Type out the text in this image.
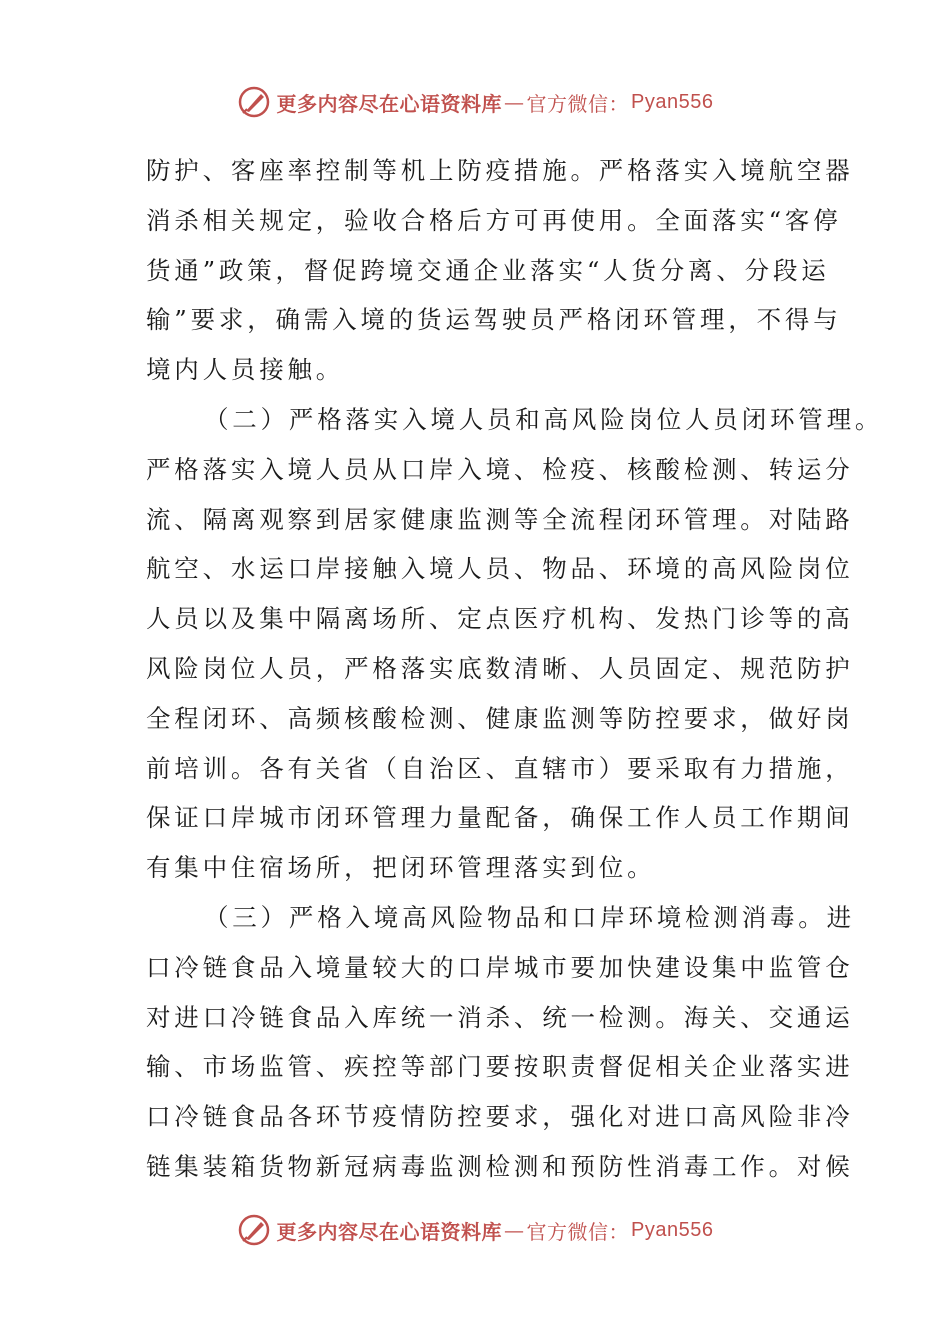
更多内容尽在心语资料库 — 官方微信： Pyan556
防护、客座率控制等机上防疫措施。严格落实入境航空器
消杀相关规定，验收合格后方可再使用。全面落实“客停
货通”政策，督促跨境交通企业落实“人货分离、分段运
输”要求，确需入境的货运驾驶员严格闭环管理，不得与
境内人员接触。
（二）严格落实入境人员和高风险岗位人员闭环管理。
严格落实入境人员从口岸入境、检疫、核酸检测、转运分
流、隔离观察到居家健康监测等全流程闭环管理。对陆路
航空、水运口岸接触入境人员、物品、环境的高风险岗位
人员以及集中隔离场所、定点医疗机构、发热门诊等的高
风险岗位人员，严格落实底数清晰、人员固定、规范防护
全程闭环、高频核酸检测、健康监测等防控要求，做好岗
前培训。各有关省（自治区、直辖市）要采取有力措施，
保证口岸城市闭环管理力量配备，确保工作人员工作期间
有集中住宿场所，把闭环管理落实到位。
（三）严格入境高风险物品和口岸环境检测消毒。进
口冷链食品入境量较大的口岸城市要加快建设集中监管仓
对进口冷链食品入库统一消杀、统一检测。海关、交通运
输、市场监管、疾控等部门要按职责督促相关企业落实进
口冷链食品各环节疫情防控要求，强化对进口高风险非冷
链集装箱货物新冠病毒监测检测和预防性消毒工作。对候
更多内容尽在心语资料库 — 官方微信： Pyan556
